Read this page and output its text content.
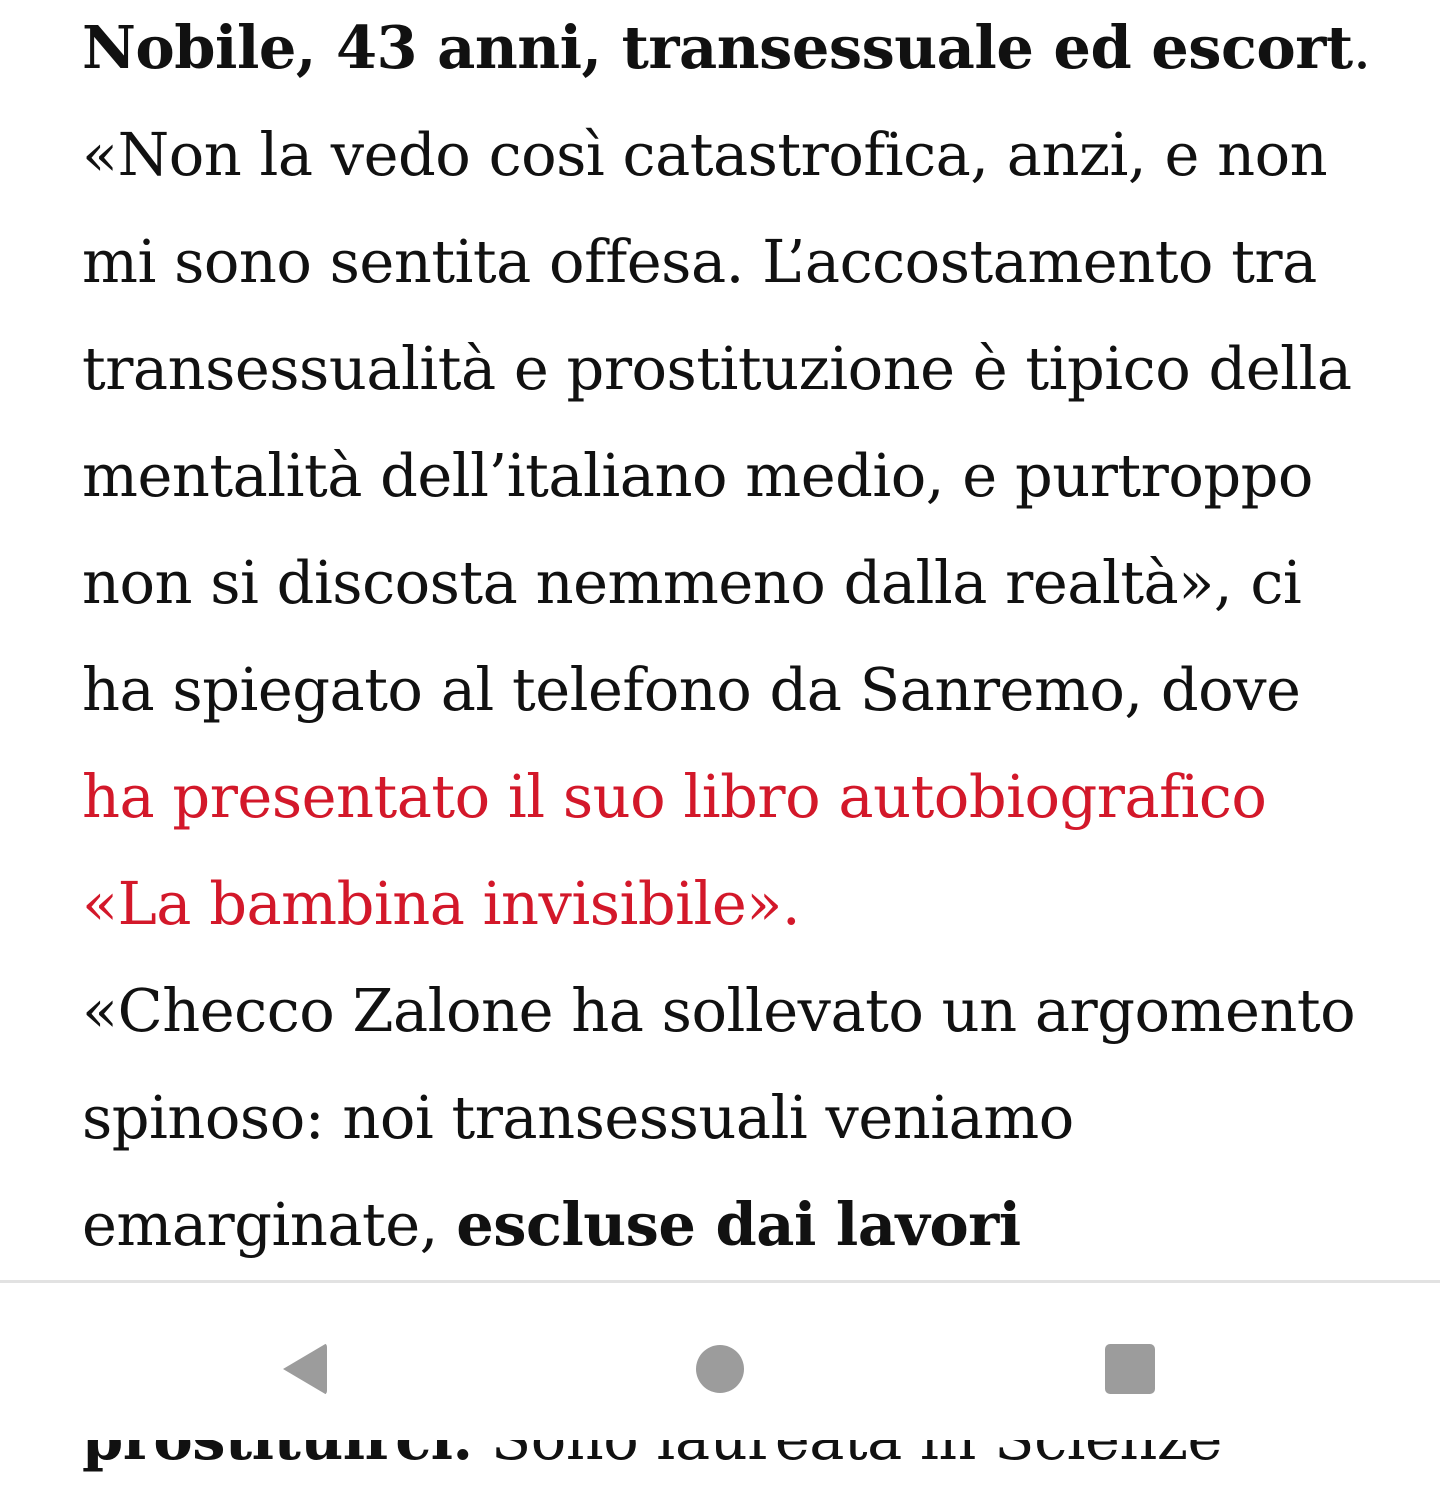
Nobile, 43 anni, transessuale ed escort. «Non la vedo così catastrofica, anzi, e non mi sono sentita offesa. L’accostamento tra transessualità e prostituzione è tipico della mentalità dell’italiano medio, e purtroppo non si discosta nemmeno dalla realtà», ci ha spiegato al telefono da Sanremo, dove ha presentato il suo libro autobiografico «La bambina invisibile».

«Checco Zalone ha sollevato un argomento spinoso: noi transessuali veniamo emarginate, escluse dai lavori
